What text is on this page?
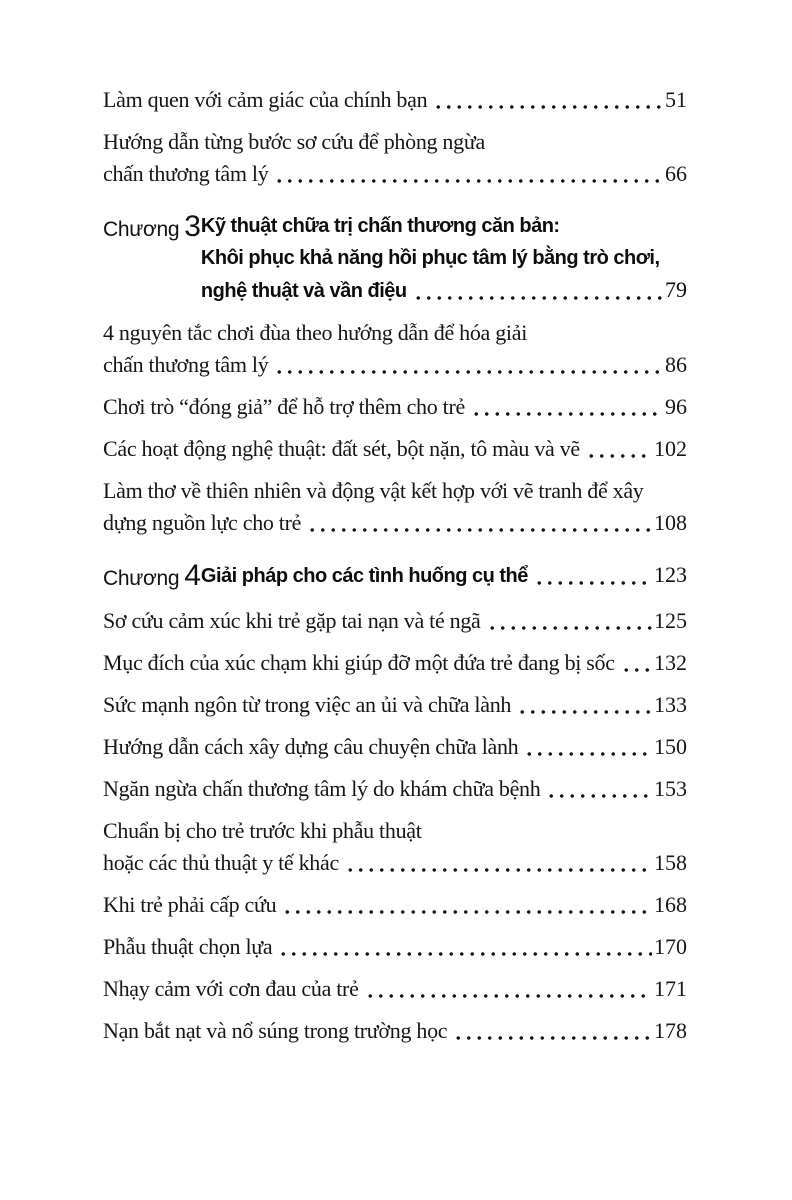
Làm quen với cảm giác của chính bạn	51
Hướng dẫn từng bước sơ cứu để phòng ngừa
chấn thương tâm lý	66
Chương 3 Kỹ thuật chữa trị chấn thương căn bản:
Khôi phục khả năng hồi phục tâm lý bằng trò chơi,
nghệ thuật và vần điệu	79
4 nguyên tắc chơi đùa theo hướng dẫn để hóa giải
chấn thương tâm lý	86
Chơi trò “đóng giả” để hỗ trợ thêm cho trẻ	96
Các hoạt động nghệ thuật: đất sét, bột nặn, tô màu và vẽ	102
Làm thơ về thiên nhiên và động vật kết hợp với vẽ tranh để xây
dựng nguồn lực cho trẻ	108
Chương 4 Giải pháp cho các tình huống cụ thể	123
Sơ cứu cảm xúc khi trẻ gặp tai nạn và té ngã	125
Mục đích của xúc chạm khi giúp đỡ một đứa trẻ đang bị sốc 132
Sức mạnh ngôn từ trong việc an ủi và chữa lành	133
Hướng dẫn cách xây dựng câu chuyện chữa lành	150
Ngăn ngừa chấn thương tâm lý do khám chữa bệnh	153
Chuẩn bị cho trẻ trước khi phẫu thuật
hoặc các thủ thuật y tế khác	158
Khi trẻ phải cấp cứu	168
Phẫu thuật chọn lựa	170
Nhạy cảm với cơn đau của trẻ	171
Nạn bắt nạt và nổ súng trong trường học	178
